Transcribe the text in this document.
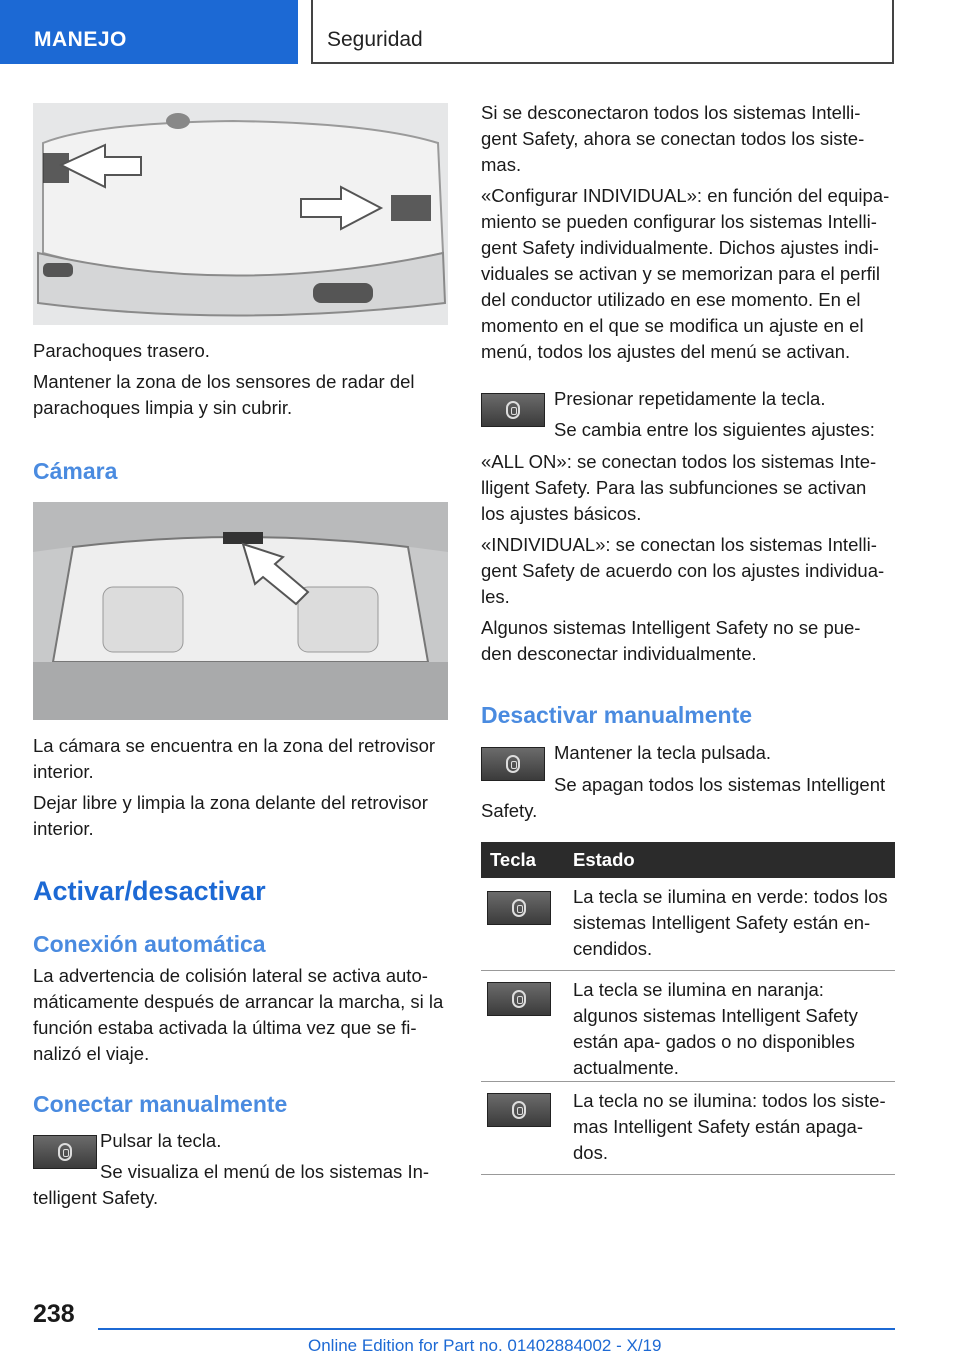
MANEJO	Seguridad

Parachoques trasero.

Mantener la zona de los sensores de radar del parachoques limpia y sin cubrir.

Cámara

La cámara se encuentra en la zona del retrovisor interior.

Dejar libre y limpia la zona delante del retrovisor interior.

Activar/desactivar
Conexión automática

La advertencia de colisión lateral se activa auto- máticamente después de arrancar la marcha, si la función estaba activada la última vez que se fi- nalizó el viaje.

Conectar manualmente
Pulsar la tecla.
Se visualiza el menú de los sistemas In- telligent Safety.

Si se desconectaron todos los sistemas Intelli- gent Safety, ahora se conectan todos los siste- mas.

«Configurar INDIVIDUAL»: en función del equipa- miento se pueden configurar los sistemas Intelli- gent Safety individualmente. Dichos ajustes indi- viduales se activan y se memorizan para el perfil del conductor utilizado en ese momento. En el momento en el que se modifica un ajuste en el menú, todos los ajustes del menú se activan.

Presionar repetidamente la tecla.
Se cambia entre los siguientes ajustes:

«ALL ON»: se conectan todos los sistemas Inte- lligent Safety. Para las subfunciones se activan los ajustes básicos.

«INDIVIDUAL»: se conectan los sistemas Intelli- gent Safety de acuerdo con los ajustes individua- les.

Algunos sistemas Intelligent Safety no se pue- den desconectar individualmente.

Desactivar manualmente
Mantener la tecla pulsada.
Se apagan todos los sistemas Intelligent Safety.
Tecla	Estado

	La tecla se ilumina en verde: todos los sistemas Intelligent Safety están en- cendidos.

	La tecla se ilumina en naranja: algunos sistemas Intelligent Safety están apa- gados o no disponibles actualmente.

	La tecla no se ilumina: todos los siste- mas Intelligent Safety están apaga- dos.
238
Online Edition for Part no. 01402884002 - X/19
